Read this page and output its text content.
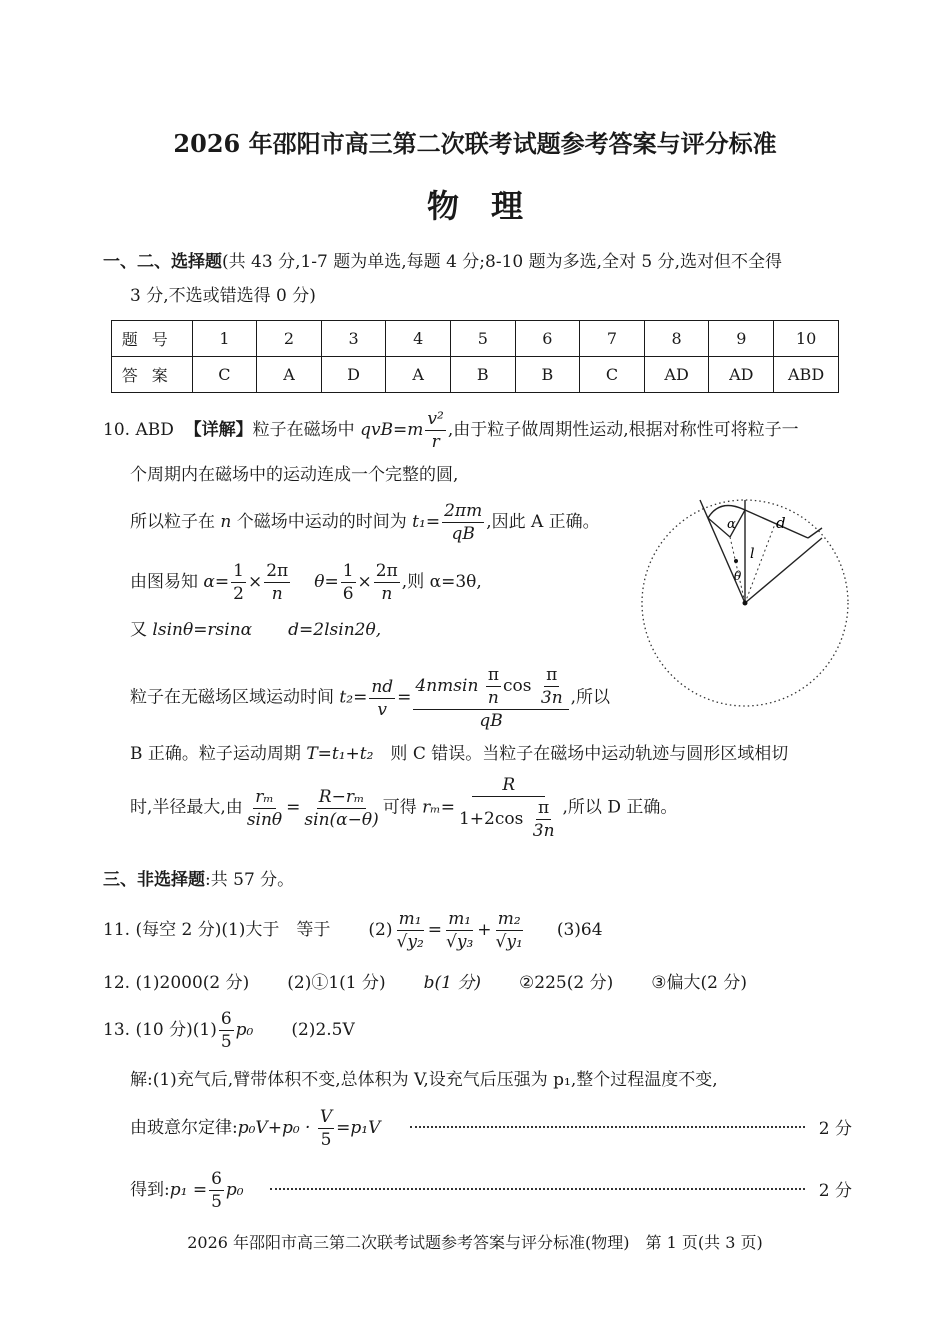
2026 年邵阳市高三第二次联考试题参考答案与评分标准
物　理
一、二、选择题(共 43 分,1-7 题为单选,每题 4 分;8-10 题为多选,全对 5 分,选对但不全得
3 分,不选或错选得 0 分)
题号	1	2	3	4	5	6	7	8	9	10
答案	C	A	D	A	B	B	C	AD	AD	ABD
10. ABD 【详解】粒子在磁场中 $qvB=m \frac{\text{v²}}{r}$ ,由于粒子做周期性运动,根据对称性可将粒子一
个周期内在磁场中的运动连成一个完整的圆,
所以粒子在 n 个磁场中运动的时间为 $t_1= \frac{2\pi m}{qB}$ ,因此 A 正确。
由图易知 $\alpha= \frac{1}{2} \times \frac{2\pi}{n} \theta= \frac{1}{6} \times \frac{2\pi}{n}$ ,则 α=3θ,
又 lsinθ=rsinα d=2lsin2θ,
粒子在无磁场区域运动时间 $t_2= \frac{nd}{v} = \frac{4nmsin \frac{\pi}{n} \cos \frac{\pi}{3n}}{qB}$ ,所以
B 正确。粒子运动周期 T=t₁+t₂　则 C 错误。当粒子在磁场中运动轨迹与圆形区域相切
时,半径最大,由 $\frac{\text{rₘ}}{\sin\theta} = \frac{\text{R−rₘ}}{\sin(\alpha-\theta)}$ 可得 $r_m= \frac{R}{1+2\cos \frac{\pi}{3n}}$ ,所以 D 正确。
α
θ
l
d
三、非选择题:共 57 分。
11. (每空 2 分)(1)大于　等于 $(2) \frac{\text{m₁}}{\text{√y₂}} = \frac{\text{m₁}}{\text{√y₃}} + \frac{\text{m₂}}{\text{√y₁}} (3)64$
12. (1)2000(2 分) (2)①1(1 分) b(1 分) ②225(2 分) ③偏大(2 分)
13. (10 分)$(1) \frac{6}{5} p_0$ (2)2.5V
解:(1)充气后,臂带体积不变,总体积为 V,设充气后压强为 p₁,整个过程温度不变,
由玻意尔定律:p₀V+p₀ · $\frac{V}{5} =p_1V$	2 分
得到:p₁ = $\frac{6}{5} p_0$	2 分
2026 年邵阳市高三第二次联考试题参考答案与评分标准(物理)　第 1 页(共 3 页)
